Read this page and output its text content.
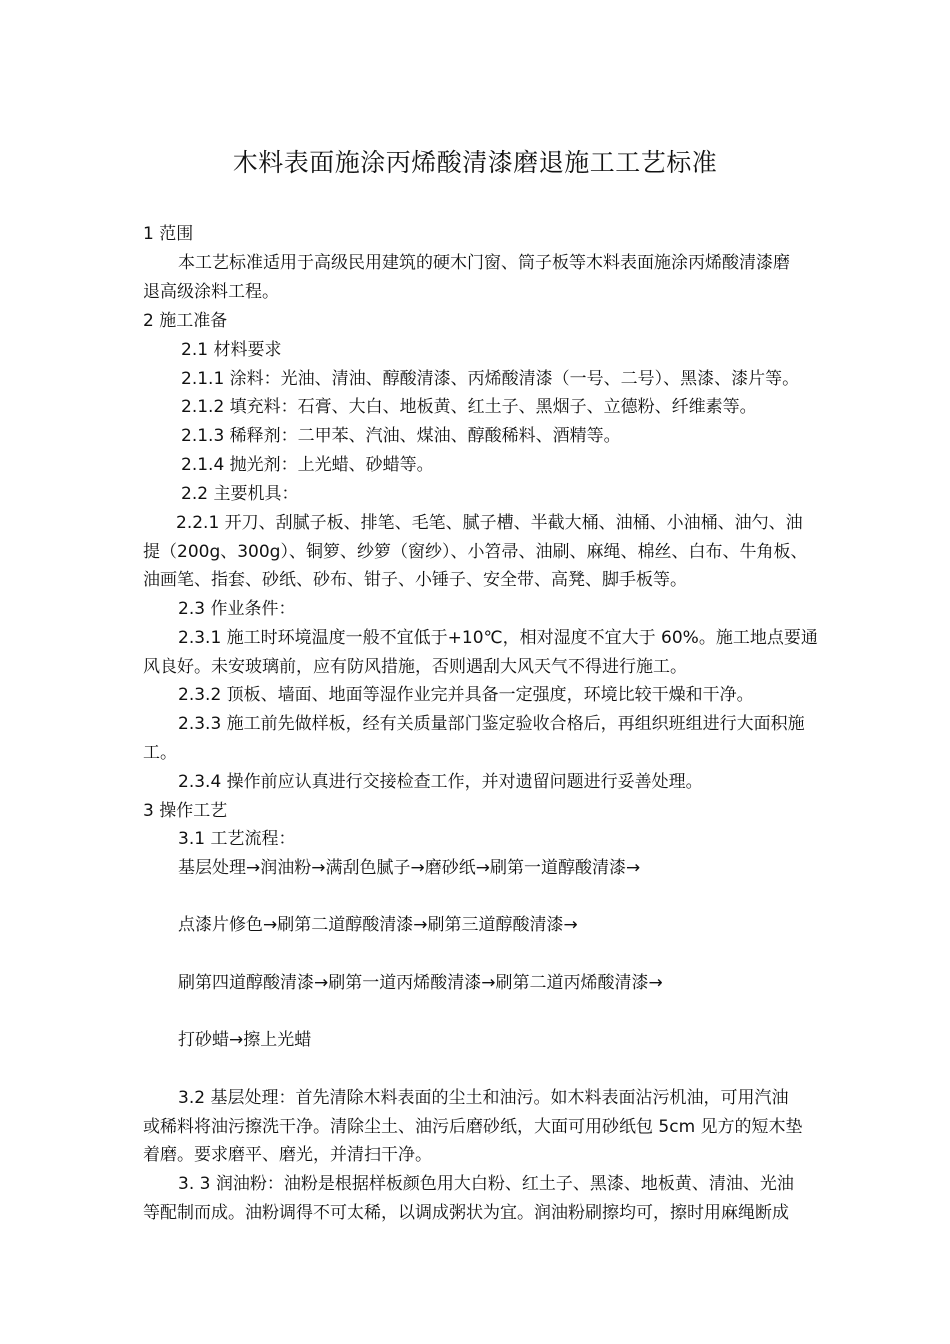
木料表面施涂丙烯酸清漆磨退施工工艺标准
1 范围
本工艺标准适用于高级民用建筑的硬木门窗、筒子板等木料表面施涂丙烯酸清漆磨
退高级涂料工程。
2 施工准备
2.1 材料要求
2.1.1 涂料：光油、清油、醇酸清漆、丙烯酸清漆（一号、二号）、黑漆、漆片等。
2.1.2 填充料：石膏、大白、地板黄、红土子、黑烟子、立德粉、纤维素等。
2.1.3 稀释剂：二甲苯、汽油、煤油、醇酸稀料、酒精等。
2.1.4 抛光剂：上光蜡、砂蜡等。
2.2 主要机具：
2.2.1 开刀、刮腻子板、排笔、毛笔、腻子槽、半截大桶、油桶、小油桶、油勺、油
提（200g、300g）、铜箩、纱箩（窗纱）、小笤帚、油刷、麻绳、棉丝、白布、牛角板、
油画笔、指套、砂纸、砂布、钳子、小锤子、安全带、高凳、脚手板等。
2.3 作业条件：
2.3.1 施工时环境温度一般不宜低于+10℃，相对湿度不宜大于 60%。施工地点要通
风良好。未安玻璃前，应有防风措施，否则遇刮大风天气不得进行施工。
2.3.2 顶板、墙面、地面等湿作业完并具备一定强度，环境比较干燥和干净。
2.3.3 施工前先做样板，经有关质量部门鉴定验收合格后，再组织班组进行大面积施
工。
2.3.4 操作前应认真进行交接检查工作，并对遗留问题进行妥善处理。
3 操作工艺
3.1 工艺流程：
基层处理→润油粉→满刮色腻子→磨砂纸→刷第一道醇酸清漆→
点漆片修色→刷第二道醇酸清漆→刷第三道醇酸清漆→
刷第四道醇酸清漆→刷第一道丙烯酸清漆→刷第二道丙烯酸清漆→
打砂蜡→擦上光蜡
3.2 基层处理：首先清除木料表面的尘土和油污。如木料表面沾污机油，可用汽油
或稀料将油污擦洗干净。清除尘土、油污后磨砂纸，大面可用砂纸包 5cm 见方的短木垫
着磨。要求磨平、磨光，并清扫干净。
3. 3 润油粉：油粉是根据样板颜色用大白粉、红土子、黑漆、地板黄、清油、光油
等配制而成。油粉调得不可太稀，以调成粥状为宜。润油粉刷擦均可，擦时用麻绳断成
